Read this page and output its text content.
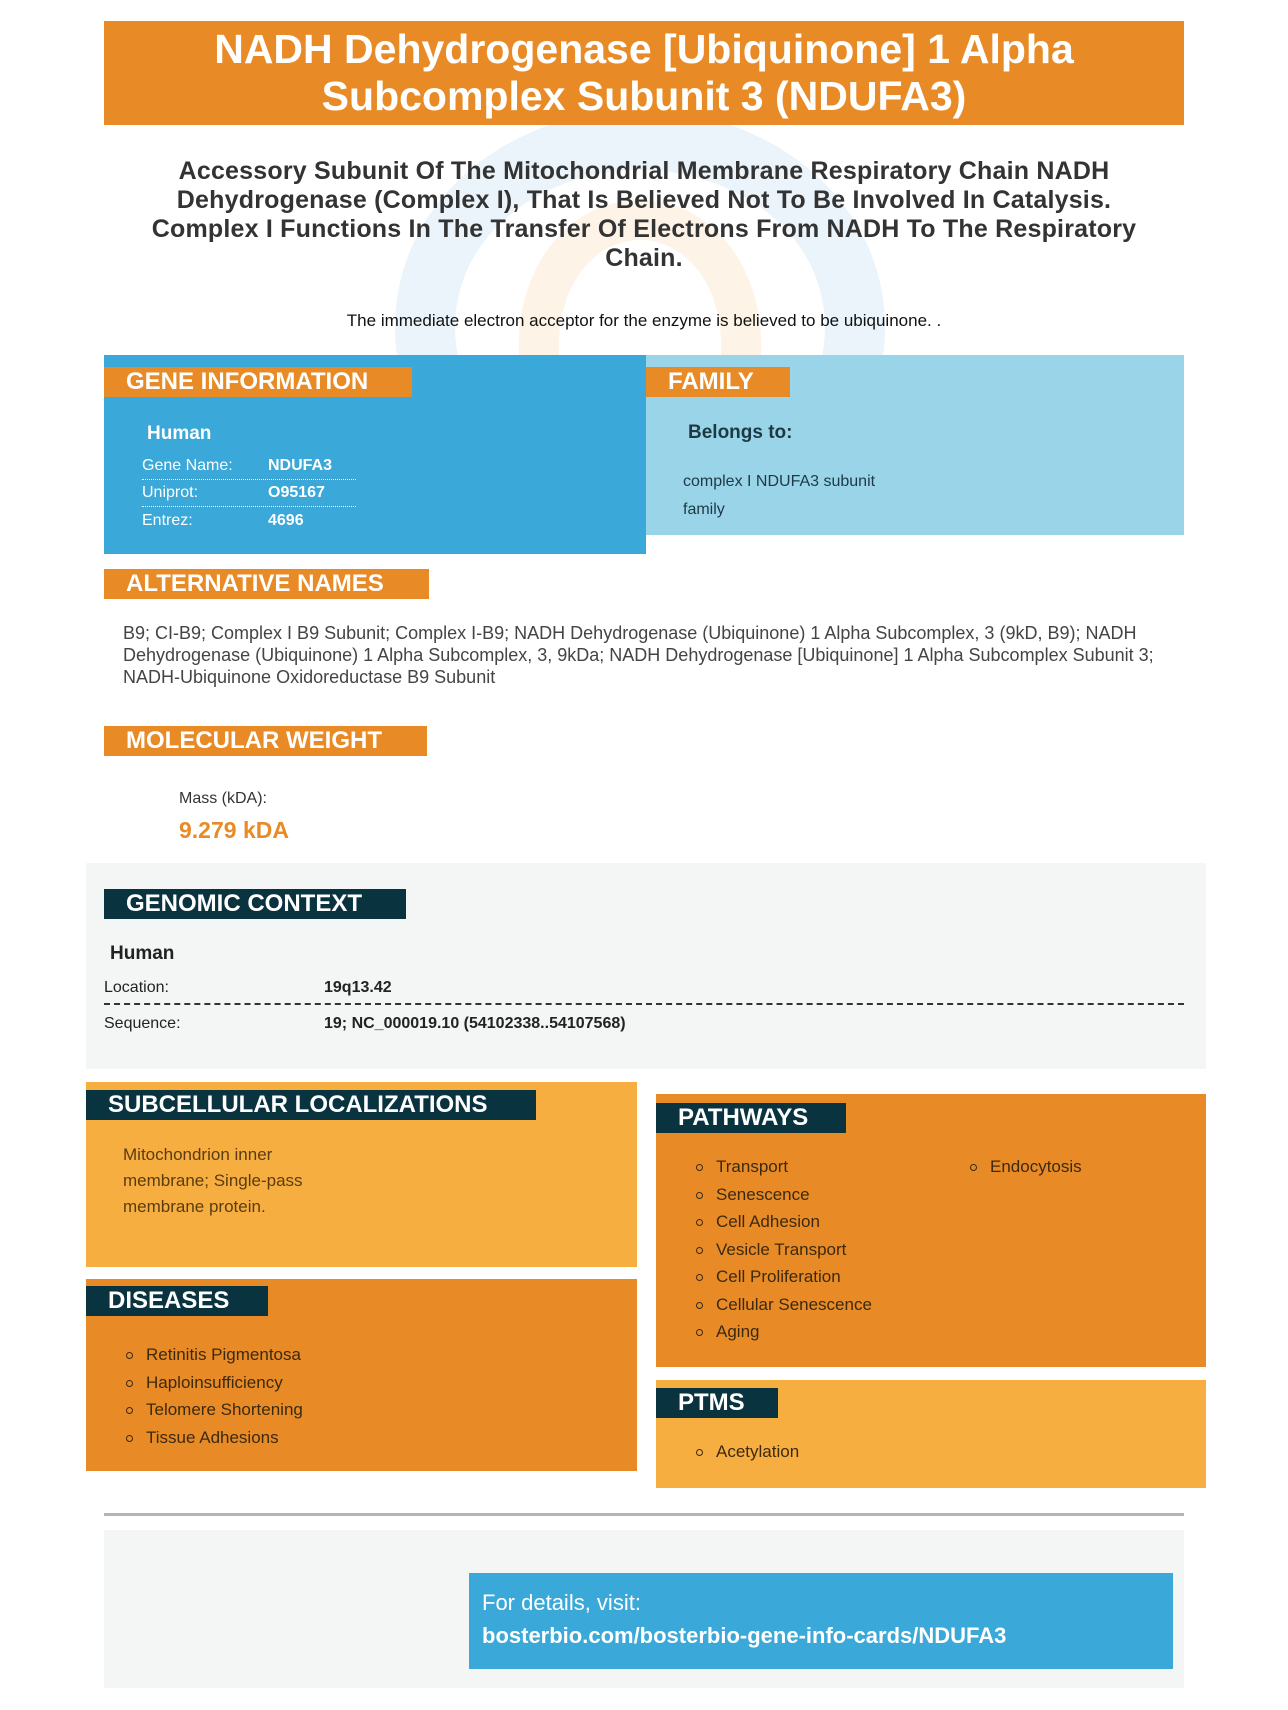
NADH Dehydrogenase [Ubiquinone] 1 Alpha Subcomplex Subunit 3 (NDUFA3)
Accessory Subunit Of The Mitochondrial Membrane Respiratory Chain NADH Dehydrogenase (Complex I), That Is Believed Not To Be Involved In Catalysis. Complex I Functions In The Transfer Of Electrons From NADH To The Respiratory Chain.
The immediate electron acceptor for the enzyme is believed to be ubiquinone. .
Human
Gene Name:	NDUFA3
Uniprot:	O95167
Entrez:	4696
GENE INFORMATION
Belongs to:
complex I NDUFA3 subunit family
FAMILY
ALTERNATIVE NAMES
B9; CI-B9; Complex I B9 Subunit; Complex I-B9; NADH Dehydrogenase (Ubiquinone) 1 Alpha Subcomplex, 3 (9kD, B9); NADH Dehydrogenase (Ubiquinone) 1 Alpha Subcomplex, 3, 9kDa; NADH Dehydrogenase [Ubiquinone] 1 Alpha Subcomplex Subunit 3; NADH-Ubiquinone Oxidoreductase B9 Subunit
MOLECULAR WEIGHT
Mass (kDA):
9.279 kDA
GENOMIC CONTEXT
Human
Location:	19q13.42
Sequence:	19; NC_000019.10 (54102338..54107568)
Mitochondrion inner membrane; Single-pass membrane protein.
SUBCELLULAR LOCALIZATIONS
Retinitis Pigmentosa
Haploinsufficiency
Telomere Shortening
Tissue Adhesions
DISEASES
Transport
Senescence
Cell Adhesion
Vesicle Transport
Cell Proliferation
Cellular Senescence
Aging
Endocytosis
PATHWAYS
Acetylation
PTMS
For details, visit:
bosterbio.com/bosterbio-gene-info-cards/NDUFA3
